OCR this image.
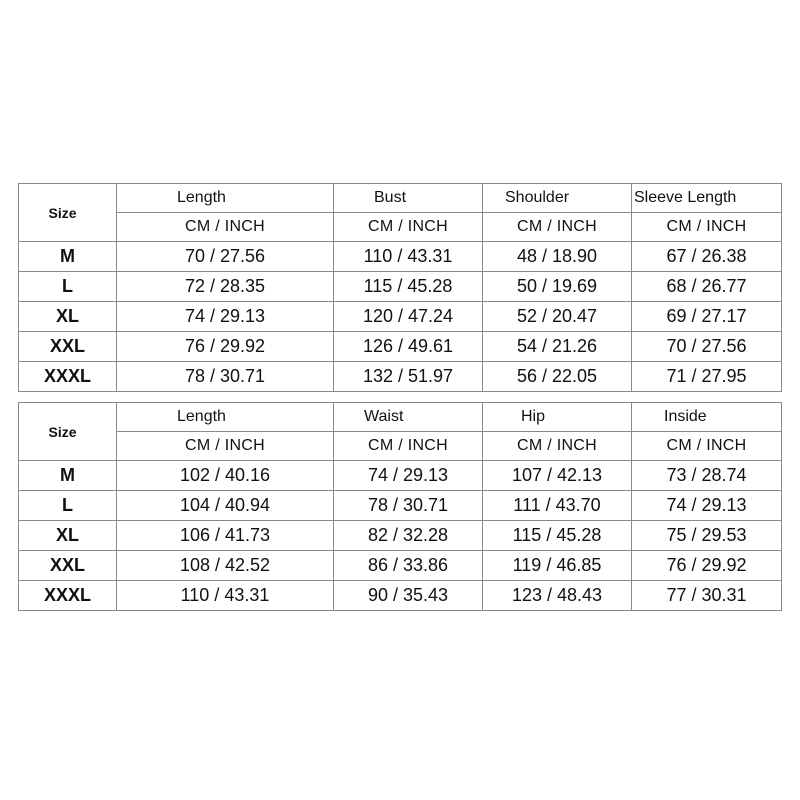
Size	Length	Bust	Shoulder	Sleeve Length
	CM / INCH	CM / INCH	CM / INCH	CM / INCH
M	70 / 27.56	110 / 43.31	48 / 18.90	67 / 26.38
L	72 / 28.35	115 / 45.28	50 / 19.69	68 / 26.77
XL	74 / 29.13	120 / 47.24	52 / 20.47	69 / 27.17
XXL	76 / 29.92	126 / 49.61	54 / 21.26	70 / 27.56
XXXL	78 / 30.71	132 / 51.97	56 / 22.05	71 / 27.95
Size	Length	Waist	Hip	Inside
	CM / INCH	CM / INCH	CM / INCH	CM / INCH
M	102 / 40.16	74 / 29.13	107 / 42.13	73 / 28.74
L	104 / 40.94	78 / 30.71	111 / 43.70	74 / 29.13
XL	106 / 41.73	82 / 32.28	115 / 45.28	75 / 29.53
XXL	108 / 42.52	86 / 33.86	119 / 46.85	76 / 29.92
XXXL	110 / 43.31	90 / 35.43	123 / 48.43	77 / 30.31
